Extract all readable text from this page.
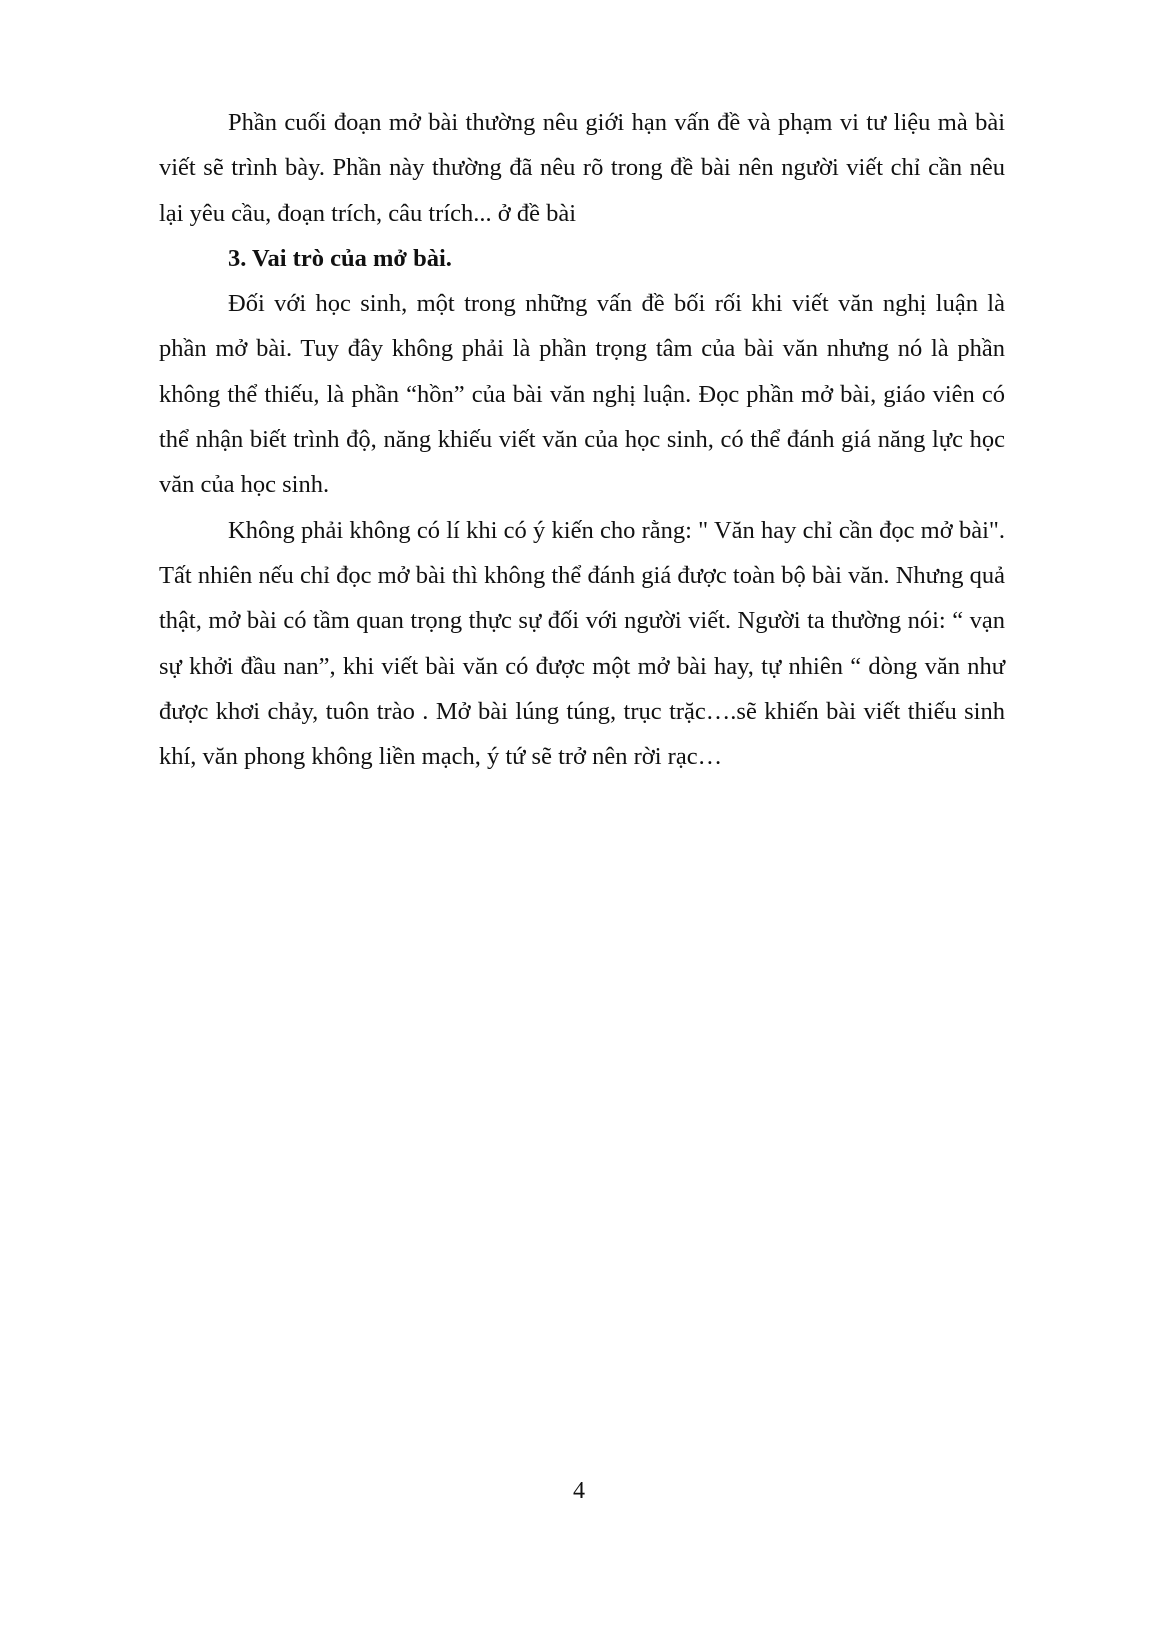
Phần cuối đoạn mở bài thường nêu giới hạn vấn đề và phạm vi tư liệu mà bài viết sẽ trình bày. Phần này thường đã nêu rõ trong đề bài nên người viết chỉ cần nêu lại yêu cầu, đoạn trích, câu trích... ở đề bài

3. Vai trò của mở bài.

Đối với học sinh, một trong những vấn đề bối rối khi viết văn nghị luận là phần mở bài. Tuy đây không phải là phần trọng tâm của bài văn nhưng nó là phần không thể thiếu, là phần “hồn” của bài văn nghị luận. Đọc phần mở bài, giáo viên có thể nhận biết trình độ, năng khiếu viết văn của học sinh, có thể đánh giá năng lực học văn của học sinh.

Không phải không có lí khi có ý kiến cho rằng: " Văn hay chỉ cần đọc mở bài". Tất nhiên nếu chỉ đọc mở bài thì không thể đánh giá được toàn bộ bài văn. Nhưng quả thật, mở bài có tầm quan trọng thực sự đối với người viết. Người ta thường nói: “ vạn sự khởi đầu nan”, khi viết bài văn có được một mở bài hay, tự nhiên “ dòng văn như được khơi chảy, tuôn trào . Mở bài lúng túng, trục trặc….sẽ khiến bài viết thiếu sinh khí, văn phong không liền mạch, ý tứ sẽ trở nên rời rạc…

4
